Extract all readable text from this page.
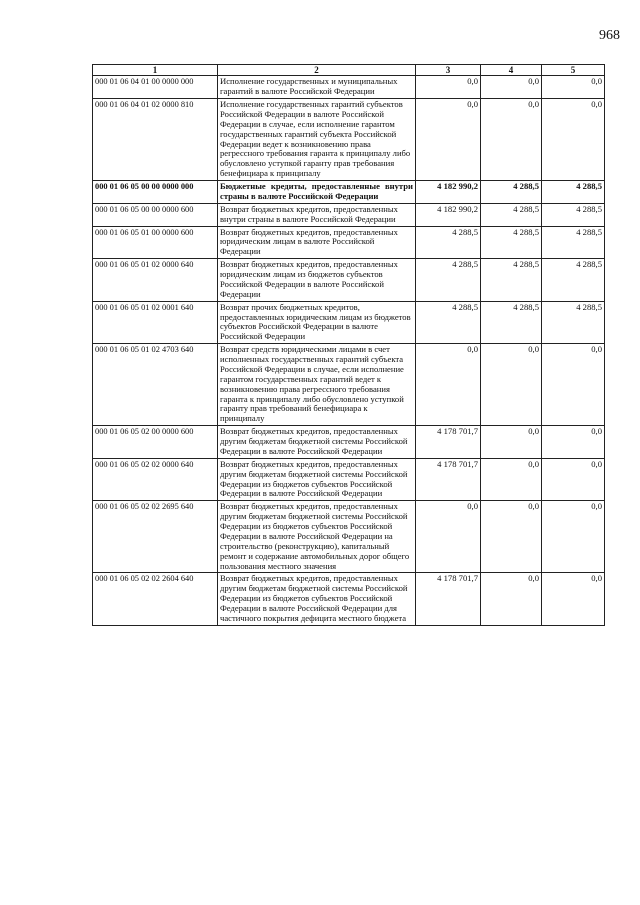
968
1	2	3	4	5
000 01 06 04 01 00 0000 000	Исполнение государственных и муниципальных гарантий в валюте Российской Федерации	0,0	0,0	0,0
000 01 06 04 01 02 0000 810	Исполнение государственных гарантий субъектов Российской Федерации в валюте Российской Федерации в случае, если исполнение гарантом государственных гарантий субъекта Российской Федерации ведет к возникновению права регрессного требования гаранта к принципалу либо обусловлено уступкой гаранту прав требования бенефициара к принципалу	0,0	0,0	0,0
000 01 06 05 00 00 0000 000	Бюджетные кредиты, предоставленные внутри страны в валюте Российской Федерации	4 182 990,2	4 288,5	4 288,5
000 01 06 05 00 00 0000 600	Возврат бюджетных кредитов, предоставленных внутри страны в валюте Российской Федерации	4 182 990,2	4 288,5	4 288,5
000 01 06 05 01 00 0000 600	Возврат бюджетных кредитов, предоставленных юридическим лицам в валюте Российской Федерации	4 288,5	4 288,5	4 288,5
000 01 06 05 01 02 0000 640	Возврат бюджетных кредитов, предоставленных юридическим лицам из бюджетов субъектов Российской Федерации в валюте Российской Федерации	4 288,5	4 288,5	4 288,5
000 01 06 05 01 02 0001 640	Возврат прочих бюджетных кредитов, предоставленных юридическим лицам из бюджетов субъектов Российской Федерации в валюте Российской Федерации	4 288,5	4 288,5	4 288,5
000 01 06 05 01 02 4703 640	Возврат средств юридическими лицами в счет исполненных государственных гарантий субъекта Российской Федерации в случае, если исполнение гарантом государственных гарантий ведет к возникновению права регрессного требования гаранта к принципалу либо обусловлено уступкой гаранту прав требований бенефициара к принципалу	0,0	0,0	0,0
000 01 06 05 02 00 0000 600	Возврат бюджетных кредитов, предоставленных другим бюджетам бюджетной системы Российской Федерации в валюте Российской Федерации	4 178 701,7	0,0	0,0
000 01 06 05 02 02 0000 640	Возврат бюджетных кредитов, предоставленных другим бюджетам бюджетной системы Российской Федерации из бюджетов субъектов Российской Федерации в валюте Российской Федерации	4 178 701,7	0,0	0,0
000 01 06 05 02 02 2695 640	Возврат бюджетных кредитов, предоставленных другим бюджетам бюджетной системы Российской Федерации из бюджетов субъектов Российской Федерации в валюте Российской Федерации на строительство (реконструкцию), капитальный ремонт и содержание автомобильных дорог общего пользования местного значения	0,0	0,0	0,0
000 01 06 05 02 02 2604 640	Возврат бюджетных кредитов, предоставленных другим бюджетам бюджетной системы Российской Федерации из бюджетов субъектов Российской Федерации в валюте Российской Федерации для частичного покрытия дефицита местного бюджета	4 178 701,7	0,0	0,0
